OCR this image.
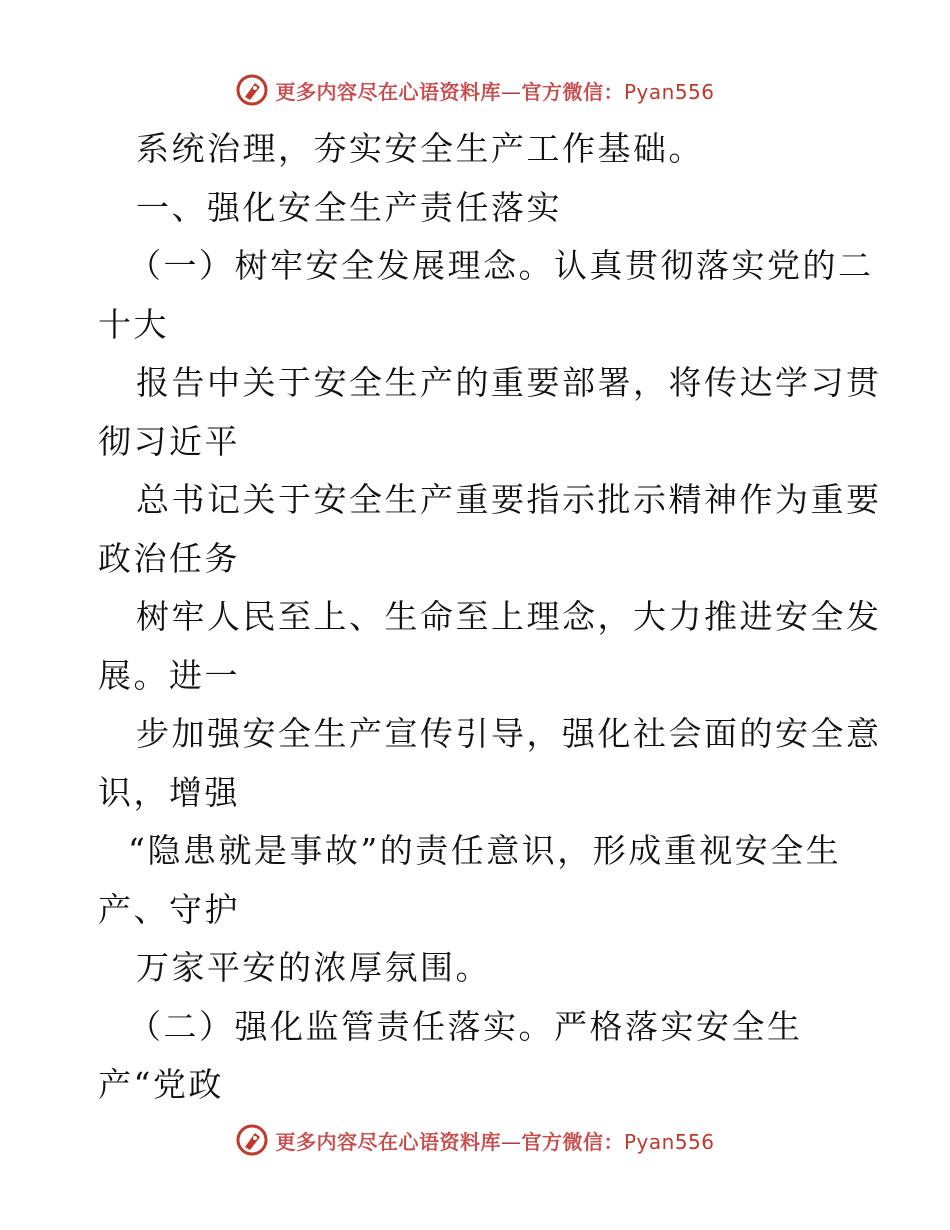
更多内容尽在心语资料库—官方微信：Pyan556
系统治理，夯实安全生产工作基础。
一、强化安全生产责任落实
（一）树牢安全发展理念。认真贯彻落实党的二
十大
报告中关于安全生产的重要部署，将传达学习贯
彻习近平
总书记关于安全生产重要指示批示精神作为重要
政治任务
树牢人民至上、生命至上理念，大力推进安全发
展。进一
步加强安全生产宣传引导，强化社会面的安全意
识，增强
“隐患就是事故”的责任意识，形成重视安全生
产、守护
万家平安的浓厚氛围。
（二）强化监管责任落实。严格落实安全生
产“党政
更多内容尽在心语资料库—官方微信：Pyan556
